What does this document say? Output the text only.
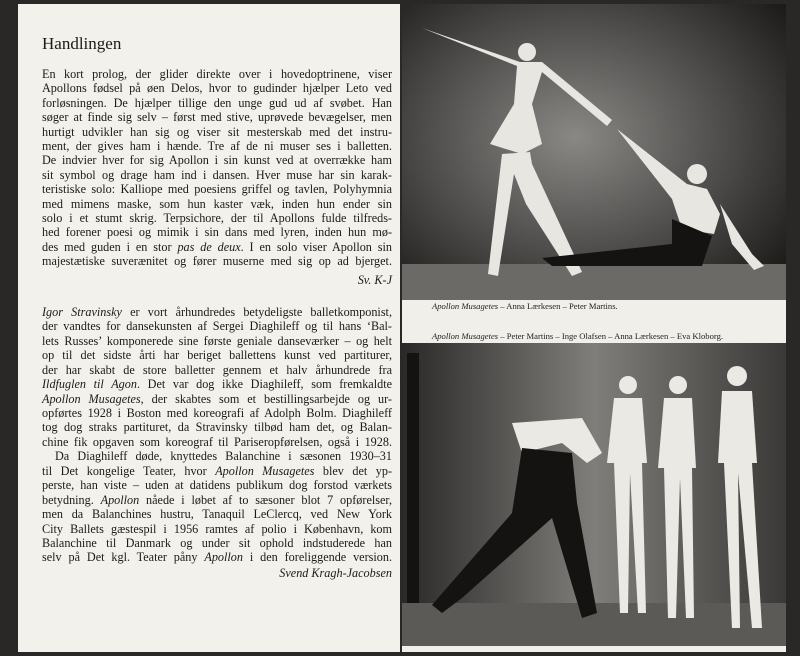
Handlingen
En kort prolog, der glider direkte over i hovedoptrinene, viser
Apollons fødsel på øen Delos, hvor to gudinder hjælper Leto ved
forløsningen. De hjælper tillige den unge gud ud af svøbet. Han
søger at finde sig selv – først med stive, uprøvede bevægelser, men
hurtigt udvikler han sig og viser sit mesterskab med det instru-
ment, der gives ham i hænde. Tre af de ni muser ses i balletten.
De indvier hver for sig Apollon i sin kunst ved at overrække ham
sit symbol og drage ham ind i dansen. Hver muse har sin karak-
teristiske solo: Kalliope med poesiens griffel og tavlen, Polyhymnia
med mimens maske, som hun kaster væk, inden hun ender sin
solo i et stumt skrig. Terpsichore, der til Apollons fulde tilfreds-
hed forener poesi og mimik i sin dans med lyren, inden hun mø-
des med guden i en stor pas de deux. I en solo viser Apollon sin
majestætiske suverænitet og fører muserne med sig op ad bjerget.
Sv. K-J
Igor Stravinsky er vort århundredes betydeligste balletkomponist,
der vandtes for dansekunsten af Sergei Diaghileff og til hans ‘Bal-
lets Russes’ komponerede sine første geniale danseværker – og helt
op til det sidste årti har beriget ballettens kunst ved partiturer,
der har skabt de store balletter gennem et halv århundrede fra
Ildfuglen til Agon. Det var dog ikke Diaghileff, som fremkaldte
Apollon Musagetes, der skabtes som et bestillingsarbejde og ur-
opførtes 1928 i Boston med koreografi af Adolph Bolm. Diaghileff
tog dog straks partituret, da Stravinsky tilbød ham det, og Balan-
chine fik opgaven som koreograf til Pariseropførelsen, også i 1928.
Da Diaghileff døde, knyttedes Balanchine i sæsonen 1930–31
til Det kongelige Teater, hvor Apollon Musagetes blev det yp-
perste, han viste – uden at datidens publikum dog forstod værkets
betydning. Apollon nåede i løbet af to sæsoner blot 7 opførelser,
men da Balanchines hustru, Tanaquil LeClercq, ved New York
City Ballets gæstespil i 1956 ramtes af polio i København, kom
Balanchine til Danmark og under sit ophold indstuderede han
selv på Det kgl. Teater påny Apollon i den foreliggende version.
Svend Kragh-Jacobsen
Apollon Musagetes – Anna Lærkesen – Peter Martins.
Apollon Musagetes – Peter Martins – Inge Olafsen – Anna Lærkesen – Eva Kloborg.
